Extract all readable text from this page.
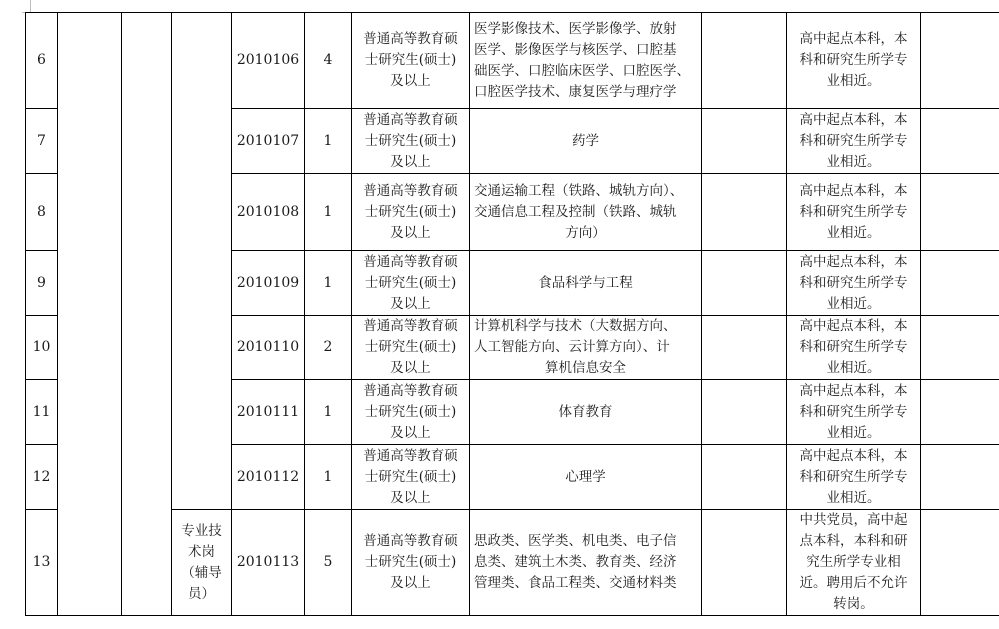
6				2010106	4	普通高等教育硕
士研究生(硕士)
及以上	医学影像技术、医学影像学、放射
医学、影像医学与核医学、口腔基
础医学、口腔临床医学、口腔医学、
口腔医学技术、康复医学与理疗学		高中起点本科，本
科和研究生所学专
业相近。	

7				2010107	1	普通高等教育硕
士研究生(硕士)
及以上	药学		高中起点本科，本
科和研究生所学专
业相近。	

8				2010108	1	普通高等教育硕
士研究生(硕士)
及以上	交通运输工程（铁路、城轨方向）、
交通信息工程及控制（铁路、城轨
方向）		高中起点本科，本
科和研究生所学专
业相近。	

9				2010109	1	普通高等教育硕
士研究生(硕士)
及以上	食品科学与工程		高中起点本科，本
科和研究生所学专
业相近。	

10				2010110	2	普通高等教育硕
士研究生(硕士)
及以上	计算机科学与技术（大数据方向、
人工智能方向、云计算方向）、计
算机信息安全		高中起点本科，本
科和研究生所学专
业相近。	

11				2010111	1	普通高等教育硕
士研究生(硕士)
及以上	体育教育		高中起点本科，本
科和研究生所学专
业相近。	

12				2010112	1	普通高等教育硕
士研究生(硕士)
及以上	心理学		高中起点本科，本
科和研究生所学专
业相近。	

13			专业技
术岗
（辅导
员）	2010113	5	普通高等教育硕
士研究生(硕士)
及以上	思政类、医学类、机电类、电子信
息类、建筑土木类、教育类、经济
管理类、食品工程类、交通材料类		中共党员，高中起
点本科，本科和研
究生所学专业相
近。聘用后不允许
转岗。	
